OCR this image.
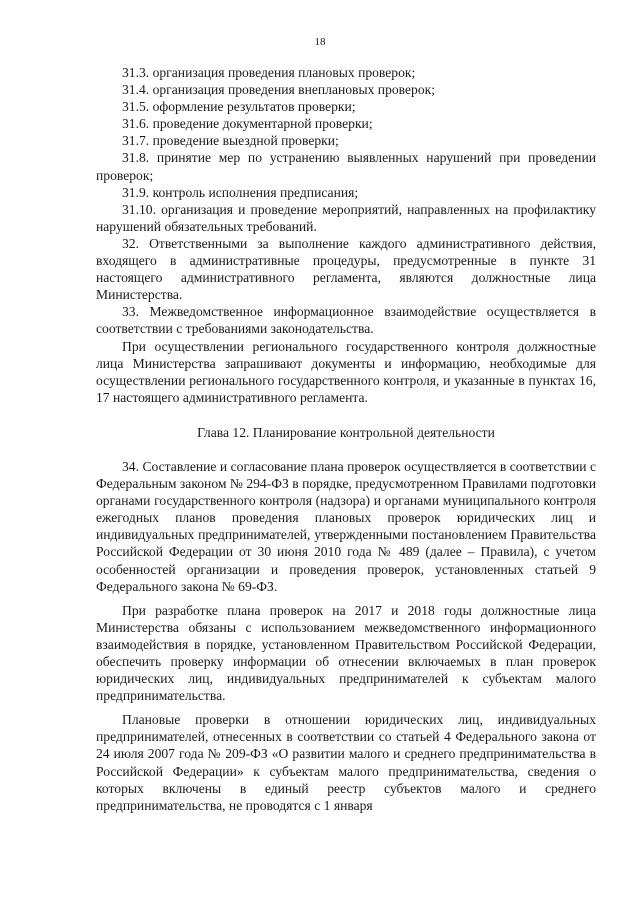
18

31.3. организация проведения плановых проверок;

31.4. организация проведения внеплановых проверок;

31.5. оформление результатов проверки;

31.6. проведение документарной проверки;

31.7. проведение выездной проверки;

31.8. принятие мер по устранению выявленных нарушений при проведении проверок;

31.9. контроль исполнения предписания;

31.10. организация и проведение мероприятий, направленных на профилактику нарушений обязательных требований.

32. Ответственными за выполнение каждого административного действия, входящего в административные процедуры, предусмотренные в пункте 31 настоящего административного регламента, являются должностные лица Министерства.

33. Межведомственное информационное взаимодействие осуществляется в соответствии с требованиями законодательства.

При осуществлении регионального государственного контроля должностные лица Министерства запрашивают документы и информацию, необходимые для осуществлении регионального государственного контроля, и указанные в пунктах 16, 17 настоящего административного регламента.

Глава 12. Планирование контрольной деятельности

34. Составление и согласование плана проверок осуществляется в соответствии с Федеральным законом № 294-ФЗ в порядке, предусмотренном Правилами подготовки органами государственного контроля (надзора) и органами муниципального контроля ежегодных планов проведения плановых проверок юридических лиц и индивидуальных предпринимателей, утвержденными постановлением Правительства Российской Федерации от 30 июня 2010 года № 489 (далее – Правила), с учетом особенностей организации и проведения проверок, установленных статьей 9 Федерального закона № 69-ФЗ.

При разработке плана проверок на 2017 и 2018 годы должностные лица Министерства обязаны с использованием межведомственного информационного взаимодействия в порядке, установленном Правительством Российской Федерации, обеспечить проверку информации об отнесении включаемых в план проверок юридических лиц, индивидуальных предпринимателей к субъектам малого предпринимательства.

Плановые проверки в отношении юридических лиц, индивидуальных предпринимателей, отнесенных в соответствии со статьей 4 Федерального закона от 24 июля 2007 года № 209-ФЗ «О развитии малого и среднего предпринимательства в Российской Федерации» к субъектам малого предпринимательства, сведения о которых включены в единый реестр субъектов малого и среднего предпринимательства, не проводятся с 1 января
